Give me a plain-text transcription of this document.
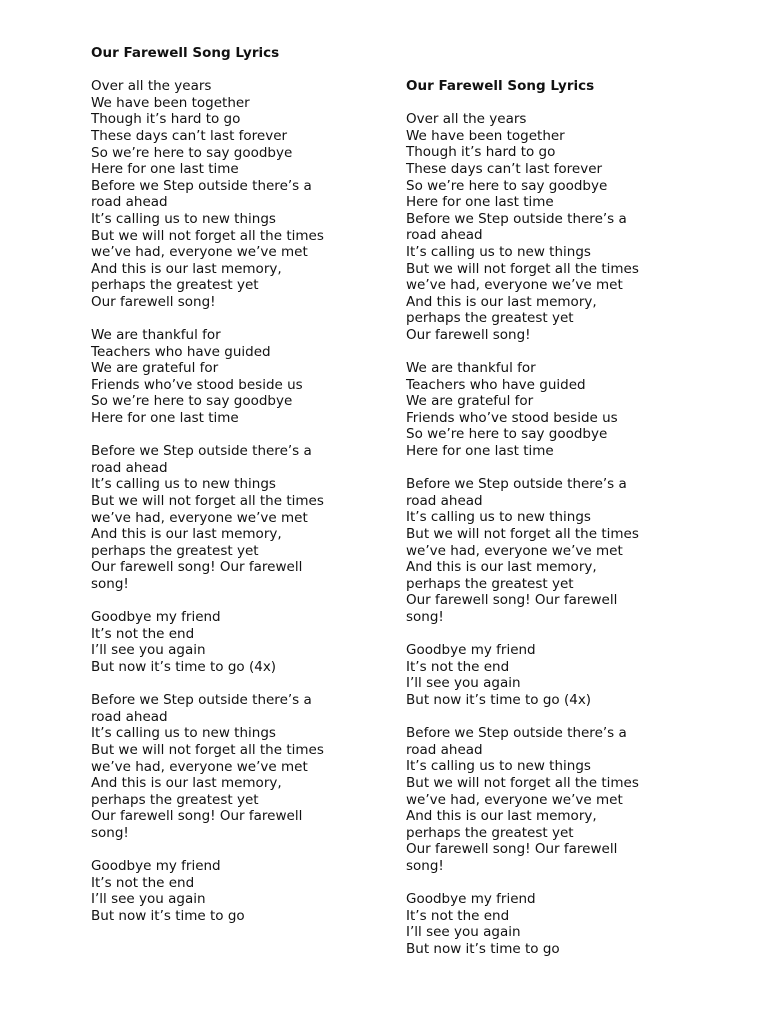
Our Farewell Song Lyrics
Over all the years
We have been together
Though it’s hard to go
These days can’t last forever
So we’re here to say goodbye
Here for one last time
Before we Step outside there’s a
road ahead
It’s calling us to new things
But we will not forget all the times
we’ve had, everyone we’ve met
And this is our last memory,
perhaps the greatest yet
Our farewell song!
We are thankful for
Teachers who have guided
We are grateful for
Friends who’ve stood beside us
So we’re here to say goodbye
Here for one last time
Before we Step outside there’s a
road ahead
It’s calling us to new things
But we will not forget all the times
we’ve had, everyone we’ve met
And this is our last memory,
perhaps the greatest yet
Our farewell song! Our farewell
song!
Goodbye my friend
It’s not the end
I’ll see you again
But now it’s time to go (4x)
Before we Step outside there’s a
road ahead
It’s calling us to new things
But we will not forget all the times
we’ve had, everyone we’ve met
And this is our last memory,
perhaps the greatest yet
Our farewell song! Our farewell
song!
Goodbye my friend
It’s not the end
I’ll see you again
But now it’s time to go
Our Farewell Song Lyrics
Over all the years
We have been together
Though it’s hard to go
These days can’t last forever
So we’re here to say goodbye
Here for one last time
Before we Step outside there’s a
road ahead
It’s calling us to new things
But we will not forget all the times
we’ve had, everyone we’ve met
And this is our last memory,
perhaps the greatest yet
Our farewell song!
We are thankful for
Teachers who have guided
We are grateful for
Friends who’ve stood beside us
So we’re here to say goodbye
Here for one last time
Before we Step outside there’s a
road ahead
It’s calling us to new things
But we will not forget all the times
we’ve had, everyone we’ve met
And this is our last memory,
perhaps the greatest yet
Our farewell song! Our farewell
song!
Goodbye my friend
It’s not the end
I’ll see you again
But now it’s time to go (4x)
Before we Step outside there’s a
road ahead
It’s calling us to new things
But we will not forget all the times
we’ve had, everyone we’ve met
And this is our last memory,
perhaps the greatest yet
Our farewell song! Our farewell
song!
Goodbye my friend
It’s not the end
I’ll see you again
But now it’s time to go
